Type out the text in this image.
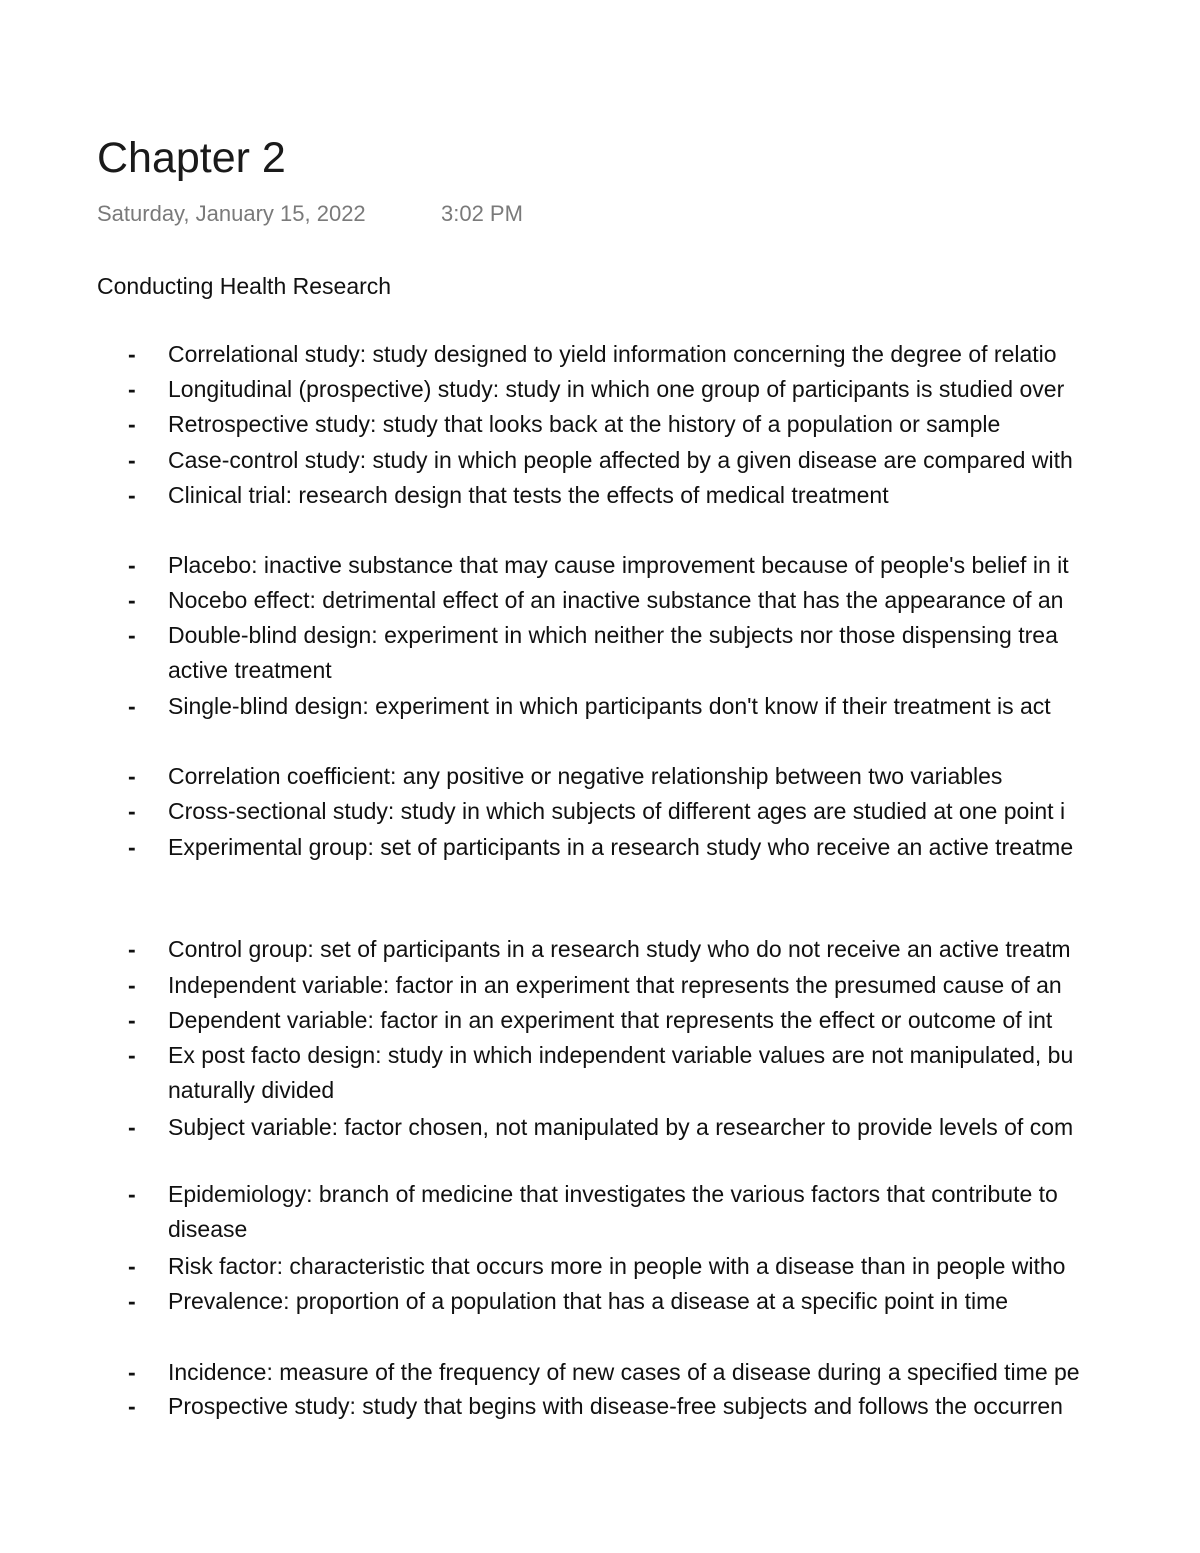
Chapter 2
Saturday, January 15, 2022	3:02 PM
Conducting Health Research
- Correlational study: study designed to yield information concerning the degree of relatio
- Longitudinal (prospective) study: study in which one group of participants is studied over
- Retrospective study: study that looks back at the history of a population or sample
- Case-control study: study in which people affected by a given disease are compared with
- Clinical trial: research design that tests the effects of medical treatment
- Placebo: inactive substance that may cause improvement because of people's belief in it
- Nocebo effect: detrimental effect of an inactive substance that has the appearance of an
- Double-blind design: experiment in which neither the subjects nor those dispensing trea
active treatment
- Single-blind design: experiment in which participants don't know if their treatment is act
- Correlation coefficient: any positive or negative relationship between two variables
- Cross-sectional study: study in which subjects of different ages are studied at one point i
- Experimental group: set of participants in a research study who receive an active treatme
- Control group: set of participants in a research study who do not receive an active treatm
- Independent variable: factor in an experiment that represents the presumed cause of an
- Dependent variable: factor in an experiment that represents the effect or outcome of int
- Ex post facto design: study in which independent variable values are not manipulated, bu
naturally divided
- Subject variable: factor chosen, not manipulated by a researcher to provide levels of com
- Epidemiology: branch of medicine that investigates the various factors that contribute to
disease
- Risk factor: characteristic that occurs more in people with a disease than in people witho
- Prevalence: proportion of a population that has a disease at a specific point in time
- Incidence: measure of the frequency of new cases of a disease during a specified time pe
- Prospective study: study that begins with disease-free subjects and follows the occurren
